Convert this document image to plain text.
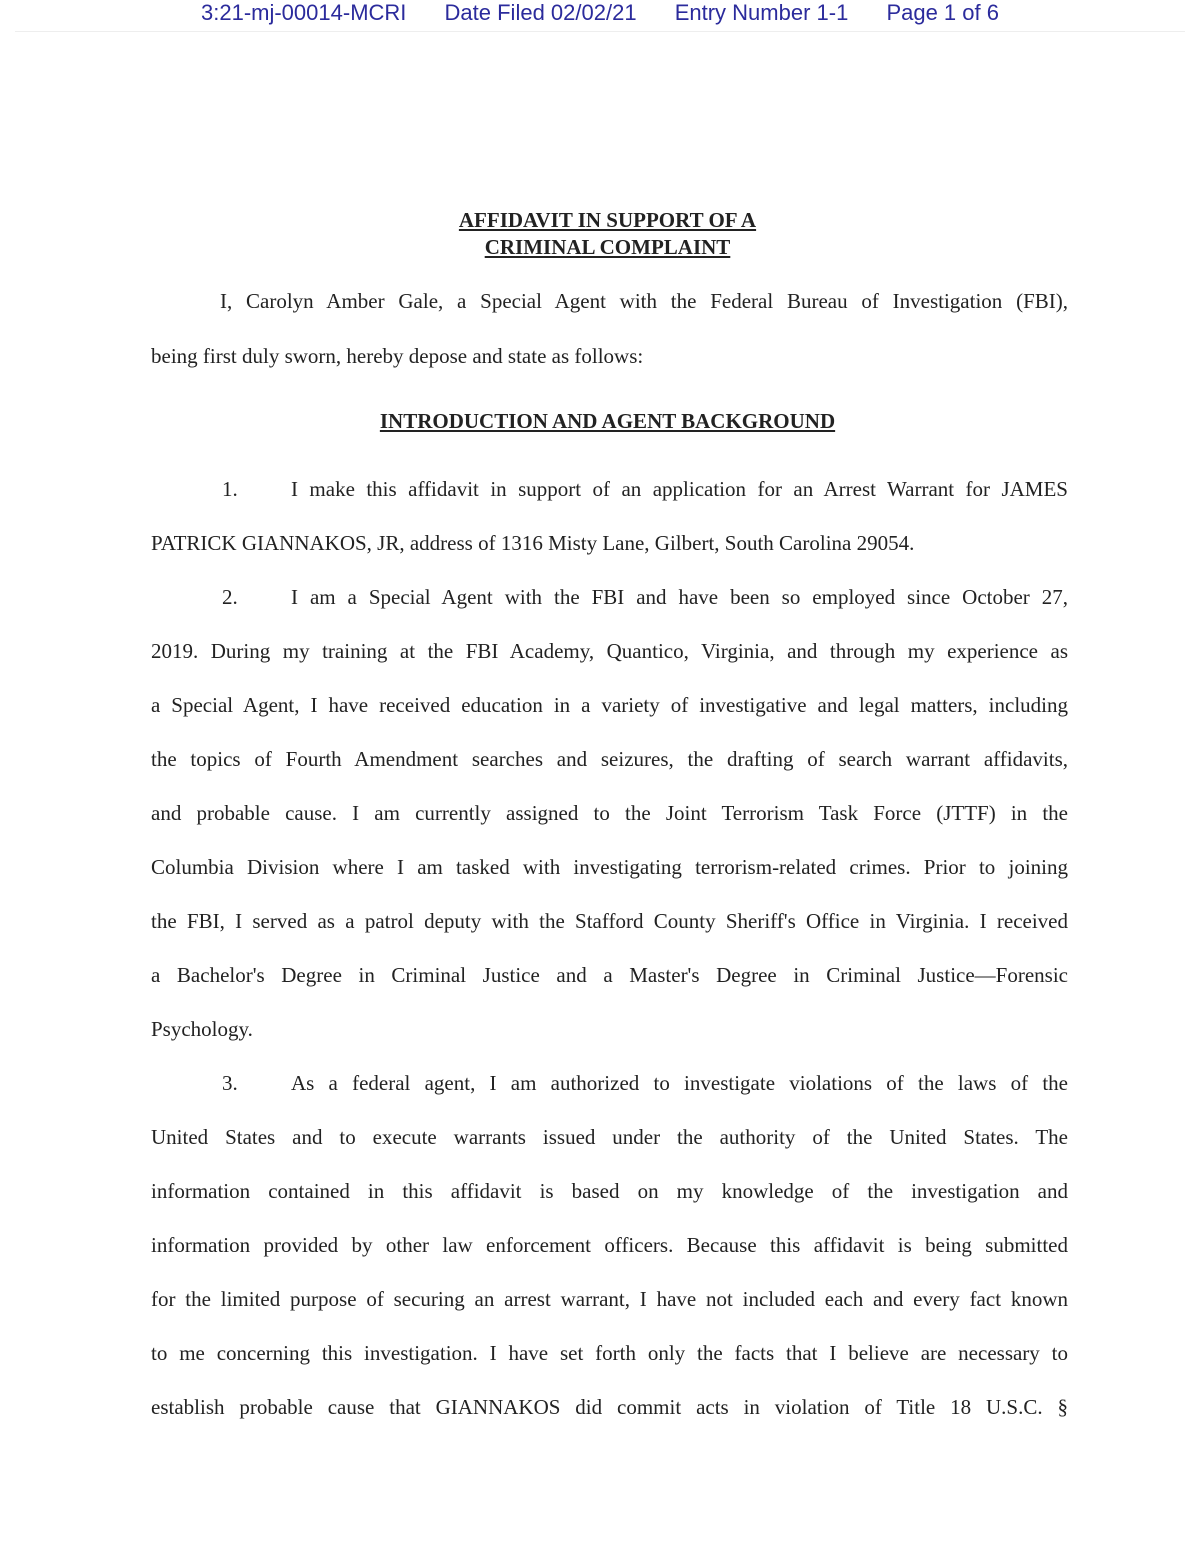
3:21-mj-00014-MCRI Date Filed 02/02/21 Entry Number 1-1 Page 1 of 6
AFFIDAVIT IN SUPPORT OF A
CRIMINAL COMPLAINT
I, Carolyn Amber Gale, a Special Agent with the Federal Bureau of Investigation (FBI),
being first duly sworn, hereby depose and state as follows:
INTRODUCTION AND AGENT BACKGROUND
1.	I make this affidavit in support of an application for an Arrest Warrant for JAMES
PATRICK GIANNAKOS, JR, address of 1316 Misty Lane, Gilbert, South Carolina 29054.
2.	I am a Special Agent with the FBI and have been so employed since October 27,
2019. During my training at the FBI Academy, Quantico, Virginia, and through my experience as
a Special Agent, I have received education in a variety of investigative and legal matters, including
the topics of Fourth Amendment searches and seizures, the drafting of search warrant affidavits,
and probable cause. I am currently assigned to the Joint Terrorism Task Force (JTTF) in the
Columbia Division where I am tasked with investigating terrorism-related crimes. Prior to joining
the FBI, I served as a patrol deputy with the Stafford County Sheriff's Office in Virginia. I received
a Bachelor's Degree in Criminal Justice and a Master's Degree in Criminal Justice—Forensic
Psychology.
3.	As a federal agent, I am authorized to investigate violations of the laws of the
United States and to execute warrants issued under the authority of the United States. The
information contained in this affidavit is based on my knowledge of the investigation and
information provided by other law enforcement officers. Because this affidavit is being submitted
for the limited purpose of securing an arrest warrant, I have not included each and every fact known
to me concerning this investigation. I have set forth only the facts that I believe are necessary to
establish probable cause that GIANNAKOS did commit acts in violation of Title 18 U.S.C. §
